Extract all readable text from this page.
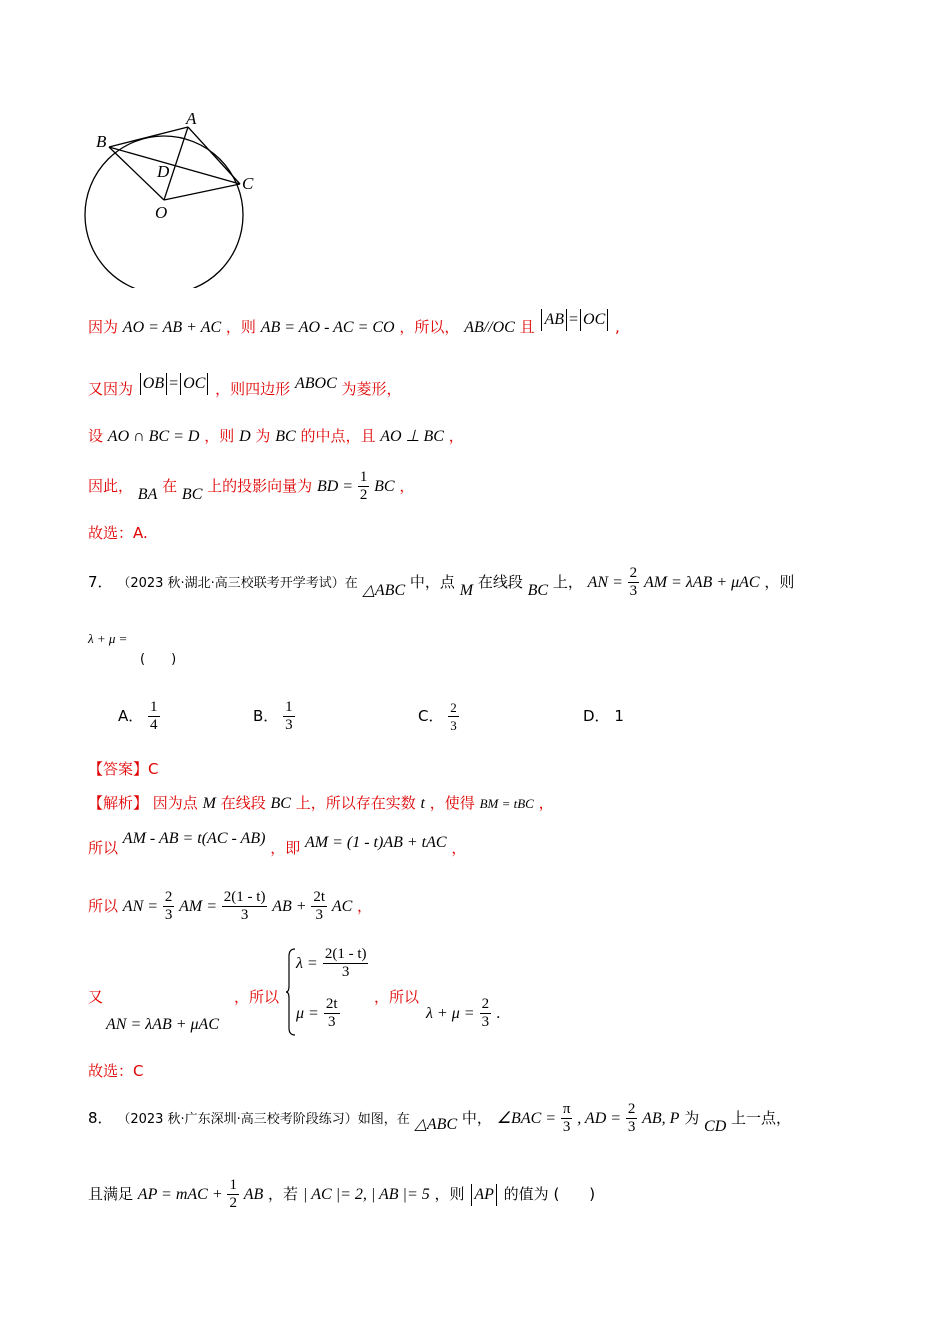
A
B
C
D
O
因为 AO = AB + AC ，则 AB = AO - AC = CO ，所以， AB//OC 且 AB = OC ,
又因为 OB = OC ，则四边形 ABOC 为菱形，
设 AO ∩ BC = D ，则 D 为 BC 的中点，且 AO ⊥ BC ，
因此， BA 在 BC 上的投影向量为 BD = $\frac{1}{2}$ BC ，
故选：A.
7． （2023 秋·湖北·高三校联考开学考试）在 △ABC 中，点 M 在线段 BC 上， AN = $\frac{2}{3}$ AM = λAB + μAC ，则
λ + μ =
(　　)
A． $\frac{1}{4}$	B． $\frac{1}{3}$	C． $\frac{2}{3}$	D． 1
【答案】C
【解析】 因为点 M 在线段 BC 上，所以存在实数 t ，使得 BM = tBC ，
所以 AM - AB = t(AC - AB) ，即 AM = (1 - t)AB + tAC ，
所以 AN = $\frac{2}{3}$ AM = $\frac{2(1 - t)}{3}$ AB + $\frac{2t}{3}$ AC ，
又
AN = λAB + μAC
，所以
$\lambda = \frac{2(1 - t)}{3}$
$\mu = \frac{2t}{3}$ ，所以
$\lambda + \mu = \frac{2}{3}$ .
故选：C
8． （2023 秋·广东深圳·高三校考阶段练习）如图，在 △ABC 中， ∠BAC = $\frac{\pi}{3}$ , AD = $\frac{2}{3}$ AB, P 为 CD 上一点，
且满足 AP = mAC + $\frac{1}{2}$ AB ，若 | AC |= 2, | AB |= 5 ，则 AP 的值为 (　　)
